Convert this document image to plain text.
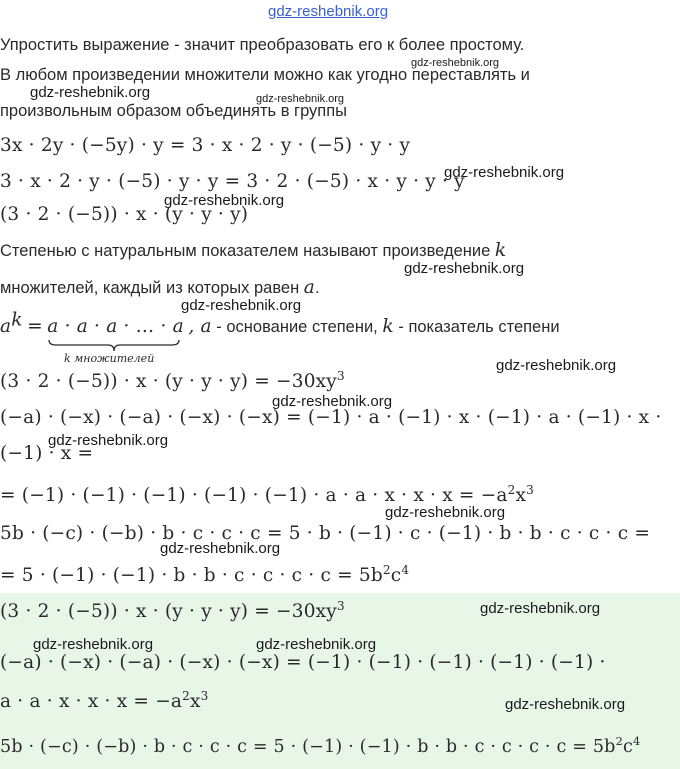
gdz-reshebnik.org
Упростить выражение - значит преобразовать его к более простому.
В любом произведении множители можно как угодно переставлять и
произвольным образом объединять в группы
3x · 2y · (−5y) · y = 3 · x · 2 · y · (−5) · y · y
3 · x · 2 · y · (−5) · y · y = 3 · 2 · (−5) · x · y · y · y
(3 · 2 · (−5)) · x · (y · y · y)
Степенью с натуральным показателем называют произведение k
множителей, каждый из которых равен a.
$a^k = a \cdot a \cdot a$ · … · a , a - основание степени, k - показатель степени
k множителей
$(3 \cdot 2 \cdot (-5)) \cdot x \cdot (y \cdot y \cdot y) = -30xy^3$
(−a) · (−x) · (−a) · (−x) · (−x) = (−1) · a · (−1) · x · (−1) · a · (−1) · x ·
(−1) · x =
= $(-1) \cdot (-1) \cdot (-1) \cdot (-1) \cdot (-1) \cdot a \cdot a \cdot x \cdot x \cdot x = -a^2x^3$
5b · (−c) · (−b) · b · c · c · c = 5 · b · (−1) · c · (−1) · b · b · c · c · c =
= $5 \cdot (-1) \cdot (-1) \cdot b \cdot b \cdot c \cdot c \cdot c \cdot c = 5b^2c^4$
$(3 \cdot 2 \cdot (-5)) \cdot x \cdot (y \cdot y \cdot y) = -30xy^3$
(−a) · (−x) · (−a) · (−x) · (−x) = (−1) · (−1) · (−1) · (−1) · (−1) ·
$a \cdot a \cdot x \cdot x \cdot x = -a^2x^3$
$5b \cdot (-c) \cdot (-b) \cdot b \cdot c \cdot c \cdot c = 5 \cdot (-1) \cdot (-1) \cdot b \cdot b \cdot c \cdot c \cdot c \cdot c = 5b^2c^4$
gdz-reshebnik.org
gdz-reshebnik.org	gdz-reshebnik.org
gdz-reshebnik.org
gdz-reshebnik.org
gdz-reshebnik.org
gdz-reshebnik.org
gdz-reshebnik.org
gdz-reshebnik.org
gdz-reshebnik.org
gdz-reshebnik.org
gdz-reshebnik.org
gdz-reshebnik.org
gdz-reshebnik.org	gdz-reshebnik.org
gdz-reshebnik.org
